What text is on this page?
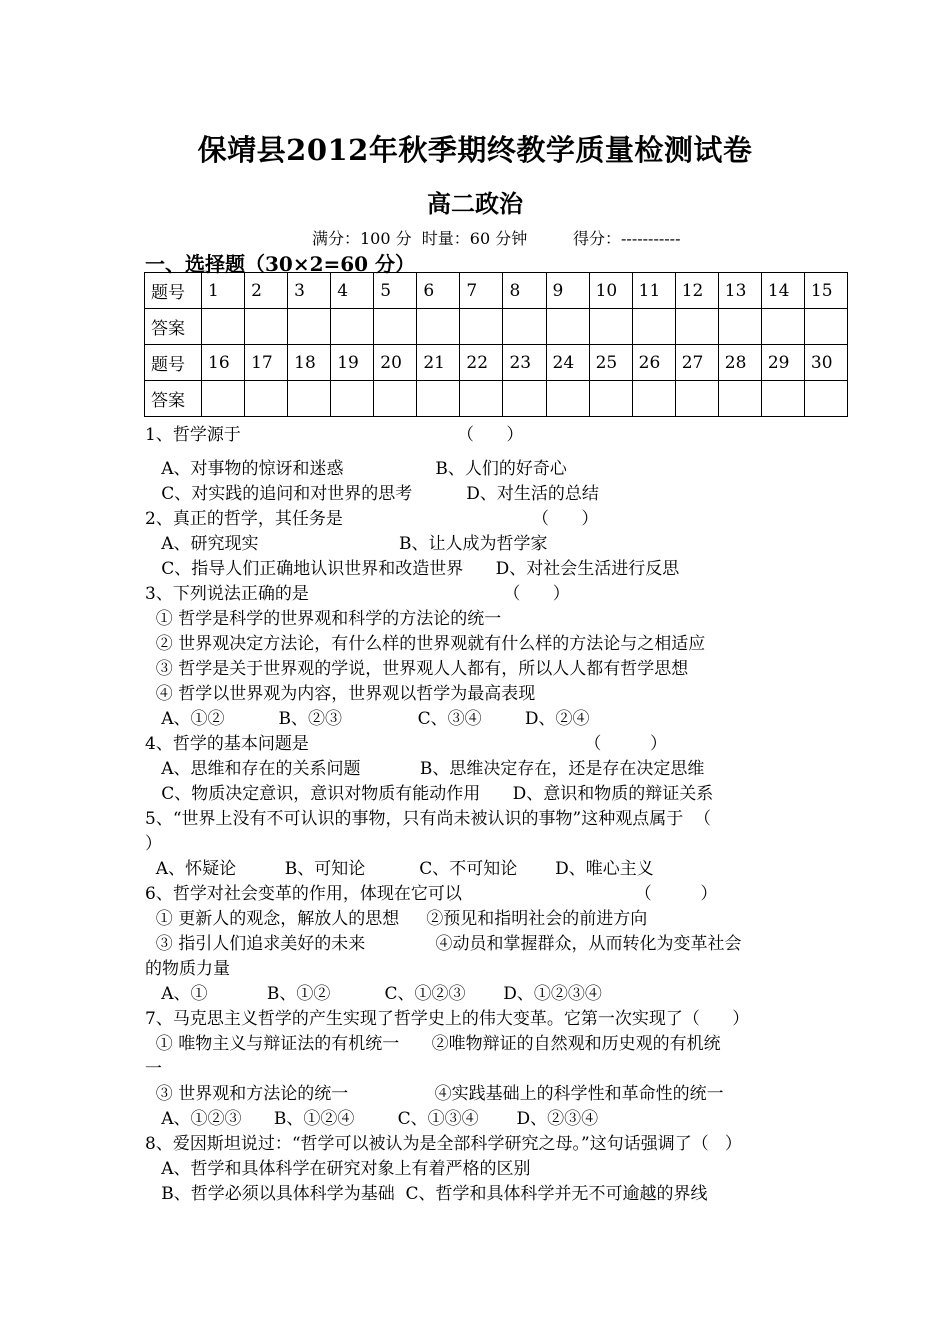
保靖县2012年秋季期终教学质量检测试卷
高二政治
满分：100 分  时量：60 分钟         得分：-----------
一、选择题（30×2=60 分）
题号	1	2	3	4	5	6	7	8	9	10	11	12	13	14	15
答案															
题号	16	17	18	19	20	21	22	23	24	25	26	27	28	29	30
答案															
1、哲学源于                                        （      ）
A、对事物的惊讶和迷惑                 B、人们的好奇心
C、对实践的追问和对世界的思考          D、对生活的总结
2、真正的哲学，其任务是                                   （      ）
A、研究现实                          B、让人成为哲学家
C、指导人们正确地认识世界和改造世界      D、对社会生活进行反思
3、下列说法正确的是                                    （      ）
① 哲学是科学的世界观和科学的方法论的统一
② 世界观决定方法论，有什么样的世界观就有什么样的方法论与之相适应
③ 哲学是关于世界观的学说，世界观人人都有，所以人人都有哲学思想
④ 哲学以世界观为内容，世界观以哲学为最高表现
A、①②          B、②③              C、③④        D、②④
4、哲学的基本问题是                                                   （         ）
A、思维和存在的关系问题           B、思维决定存在，还是存在决定思维
C、物质决定意识，意识对物质有能动作用      D、意识和物质的辩证关系
5、“世界上没有不可认识的事物，只有尚未被认识的事物”这种观点属于  （
）
A、怀疑论         B、可知论          C、不可知论       D、唯心主义
6、哲学对社会变革的作用，体现在它可以                                （         ）
① 更新人的观念，解放人的思想     ②预见和指明社会的前进方向
③ 指引人们追求美好的未来             ④动员和掌握群众，从而转化为变革社会
的物质力量
A、①           B、①②          C、①②③       D、①②③④
7、马克思主义哲学的产生实现了哲学史上的伟大变革。它第一次实现了（      ）
① 唯物主义与辩证法的有机统一      ②唯物辩证的自然观和历史观的有机统
一
③ 世界观和方法论的统一                ④实践基础上的科学性和革命性的统一
A、①②③      B、①②④        C、①③④       D、②③④
8、爱因斯坦说过：“哲学可以被认为是全部科学研究之母。”这句话强调了（   ）
A、哲学和具体科学在研究对象上有着严格的区别
B、哲学必须以具体科学为基础  C、哲学和具体科学并无不可逾越的界线
